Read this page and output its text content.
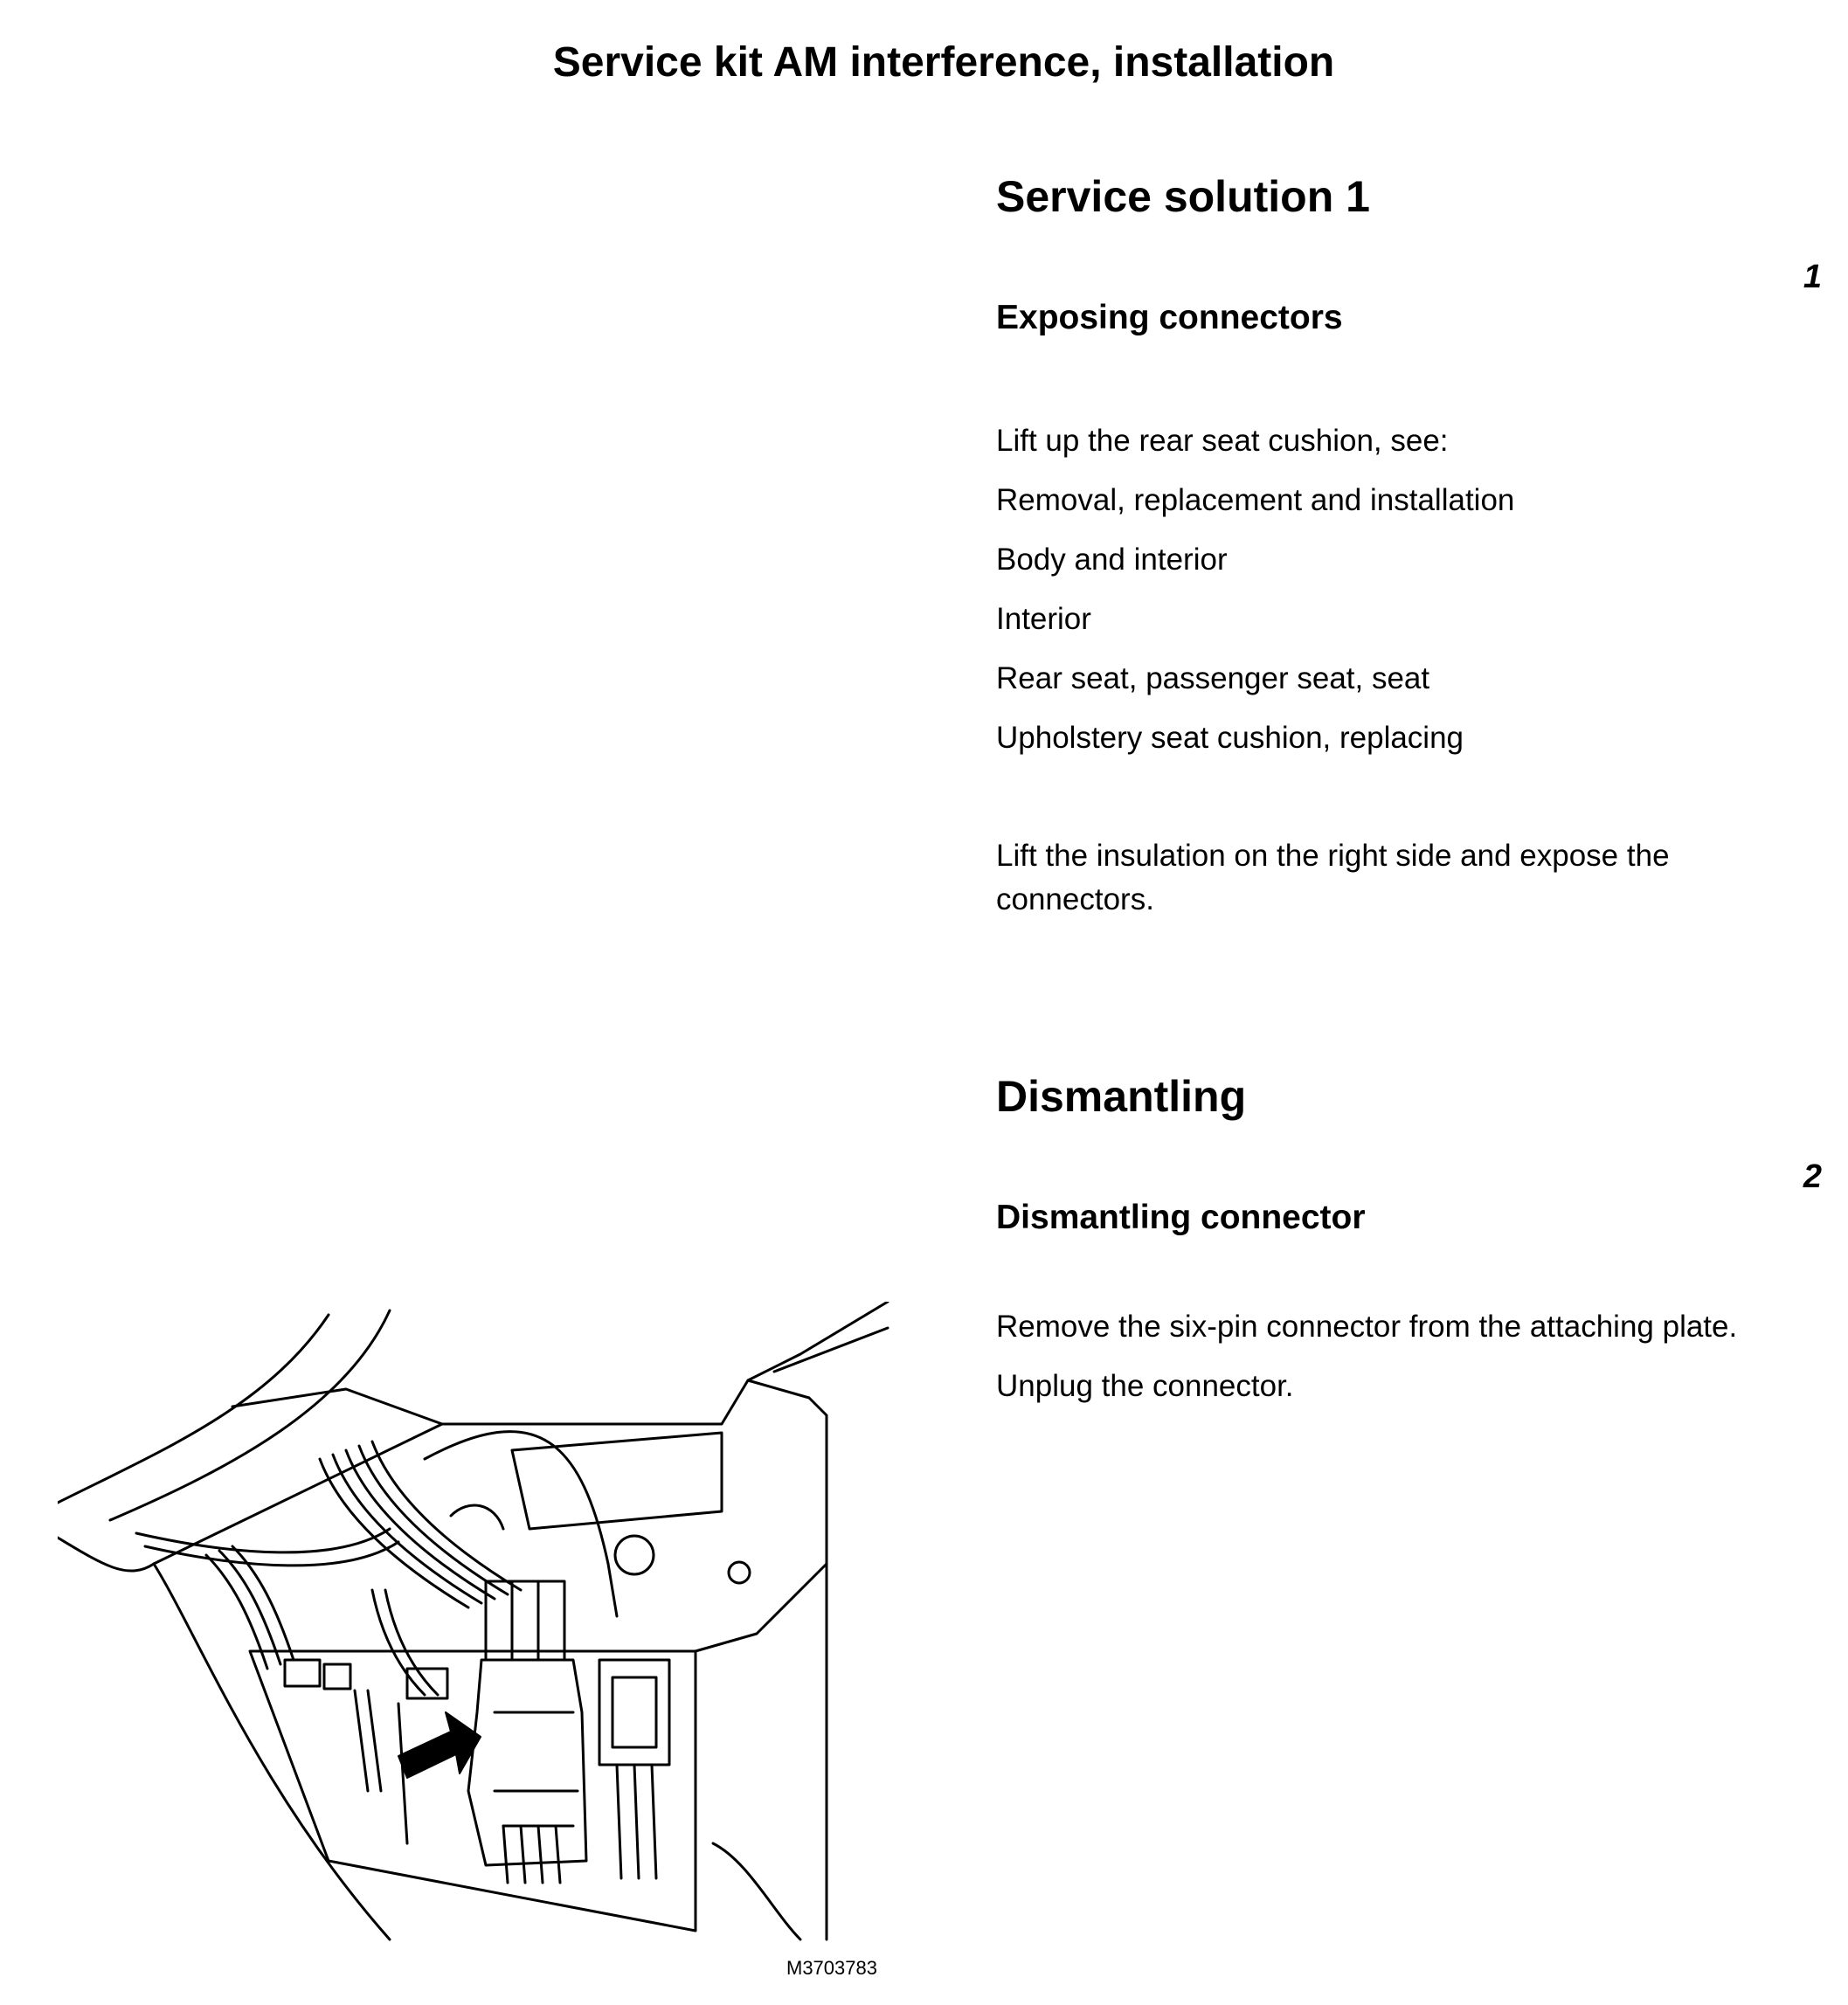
Service kit AM interference, installation
Service solution 1
1
Exposing connectors
Lift up the rear seat cushion, see:
Removal, replacement and installation
Body and interior
Interior
Rear seat, passenger seat, seat
Upholstery seat cushion, replacing

Lift the insulation on the right side and expose the connectors.

Dismantling
2
Dismantling connector
Remove the six-pin connector from the attaching plate.
Unplug the connector.
M3703783
